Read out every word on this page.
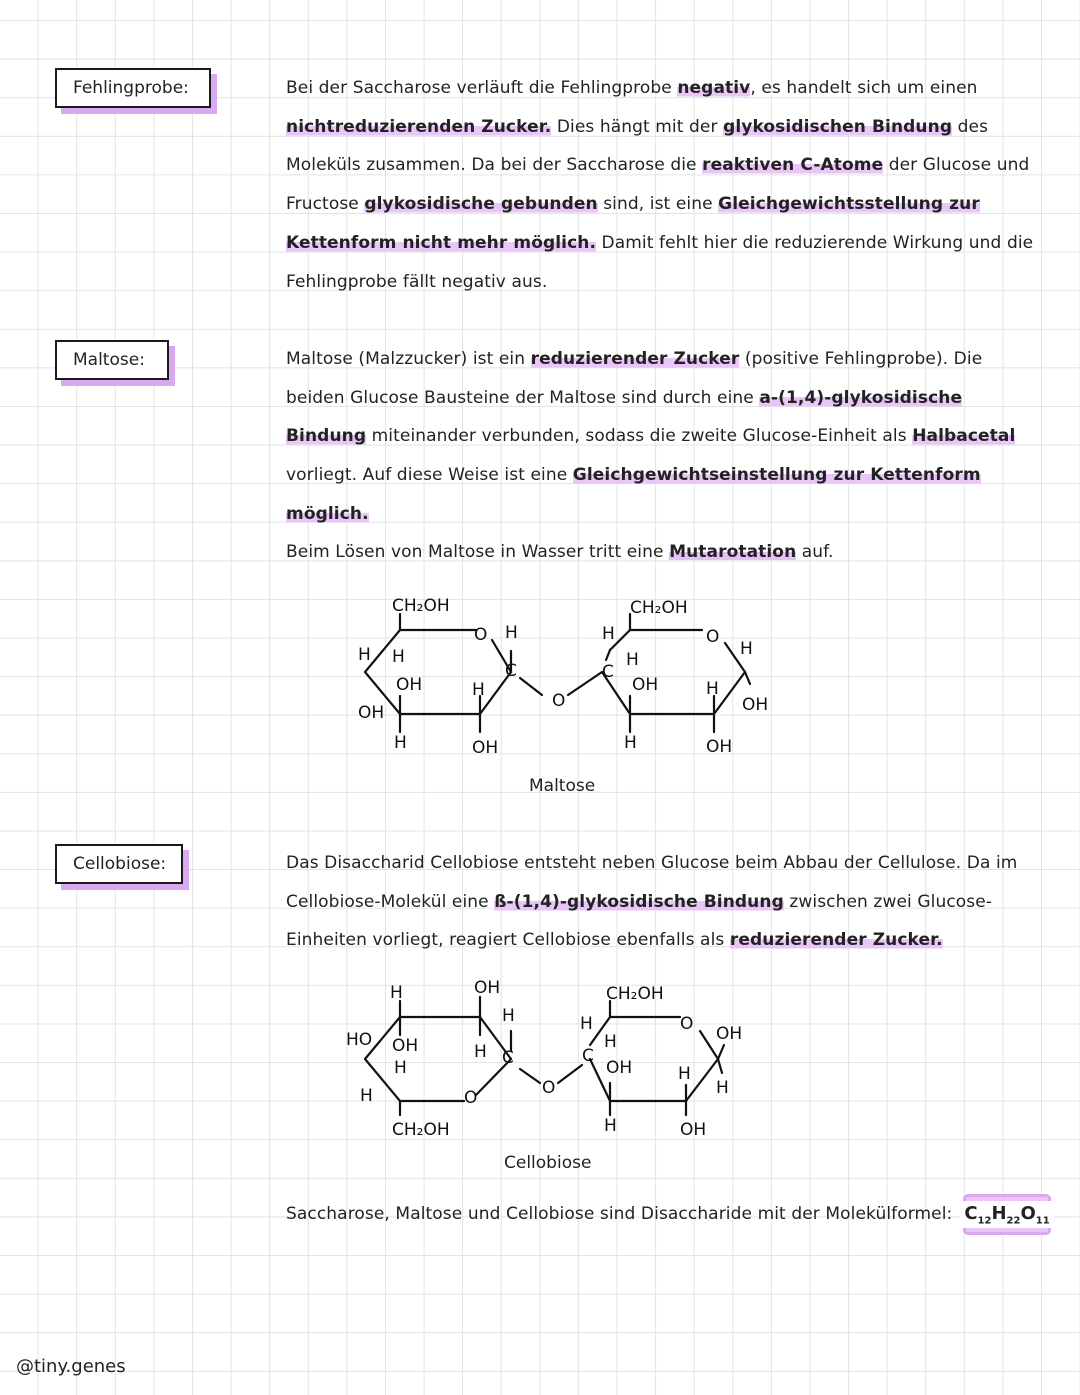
Fehlingprobe:
Maltose:
Cellobiose:
Bei der Saccharose verläuft die Fehlingprobe negativ, es handelt sich um einen nichtreduzierenden Zucker. Dies hängt mit der glykosidischen Bindung des Moleküls zusammen. Da bei der Saccharose die reaktiven C-Atome der Glucose und Fructose glykosidische gebunden sind, ist eine Gleichgewichtsstellung zur Kettenform nicht mehr möglich. Damit fehlt hier die reduzierende Wirkung und die Fehlingprobe fällt negativ aus.
Maltose (Malzzucker) ist ein reduzierender Zucker (positive Fehlingprobe). Die beiden Glucose Bausteine der Maltose sind durch eine a-(1,4)-glykosidische Bindung miteinander verbunden, sodass die zweite Glucose-Einheit als Halbacetal vorliegt. Auf diese Weise ist eine Gleichgewichtseinstellung zur Kettenform möglich.
Beim Lösen von Maltose in Wasser tritt eine Mutarotation auf.
CH₂OH
O H
C
H H
OH
OH
H
H
OH
O
CH₂OH
H
C
H
OH
H
O
H
H
OH
OH
Maltose
Das Disaccharid Cellobiose entsteht neben Glucose beim Abbau der Cellulose. Da im Cellobiose-Molekül eine ß-(1,4)-glykosidische Bindung zwischen zwei Glucose-Einheiten vorliegt, reagiert Cellobiose ebenfalls als reduzierender Zucker.
H	OH
H
C
H
HO OH
H
H	O
CH₂OH
O
CH₂OH
H
C
H
OH
H
O OH
H
H
OH
Cellobiose
Saccharose, Maltose und Cellobiose sind Disaccharide mit der Molekülformel: $C_{12}H_{22}O_{11}$
@tiny.genes
